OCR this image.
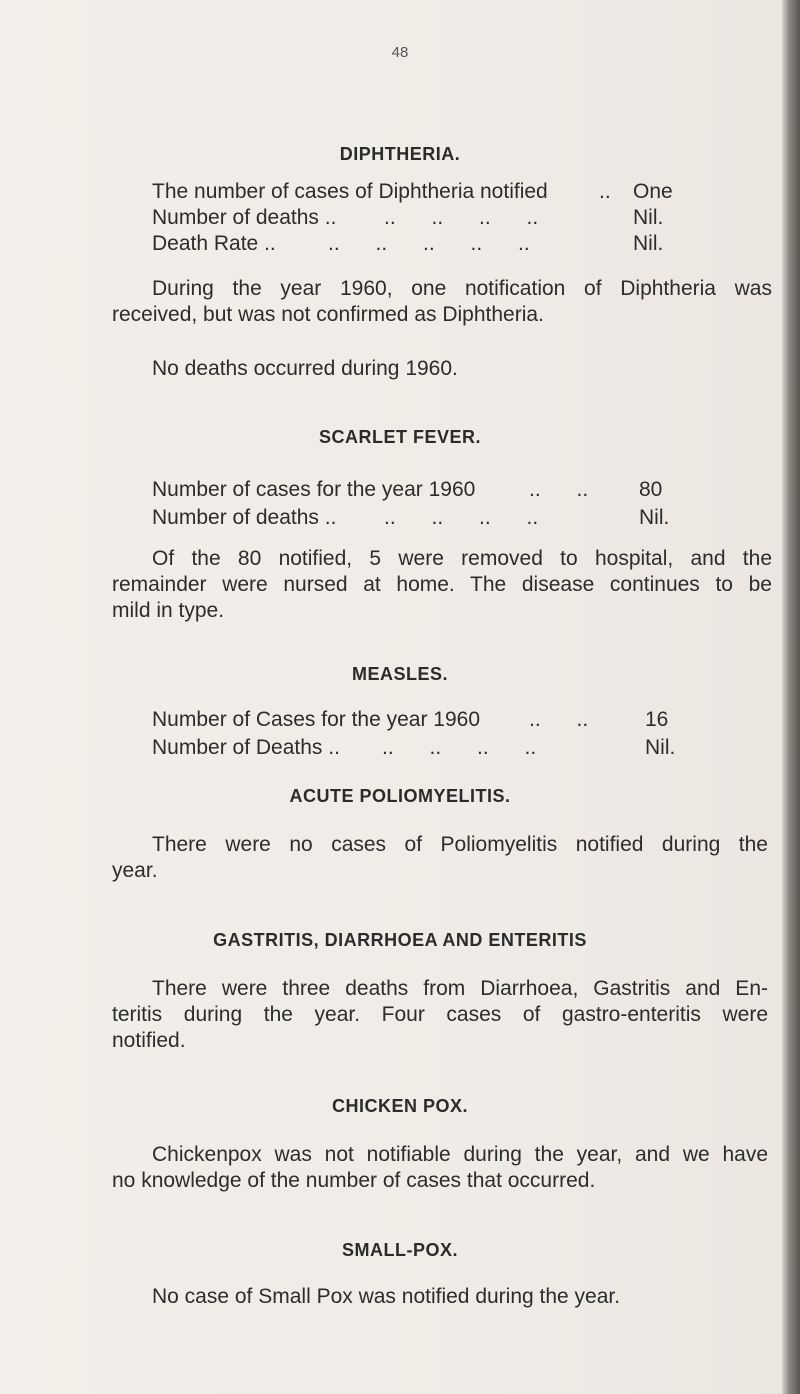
48
DIPHTHERIA.
The number of cases of Diphtheria notified .. One
Number of deaths .. .. .. .. ..	Nil.
Death Rate .. .. .. .. .. ..	Nil.
During the year 1960, one notification of Diphtheria was
received, but was not confirmed as Diphtheria.
No deaths occurred during 1960.
SCARLET FEVER.
Number of cases for the year 1960	.. .. 80
Number of deaths .. .. .. .. ..	Nil.
Of the 80 notified, 5 were removed to hospital, and the
remainder were nursed at home. The disease continues to be
mild in type.
MEASLES.
Number of Cases for the year 1960 .. ..	16
Number of Deaths .. .. .. .. ..	Nil.
ACUTE POLIOMYELITIS.
There were no cases of Poliomyelitis notified during the
year.
GASTRITIS, DIARRHOEA AND ENTERITIS
There were three deaths from Diarrhoea, Gastritis and En-
teritis during the year. Four cases of gastro-enteritis were
notified.
CHICKEN POX.
Chickenpox was not notifiable during the year, and we have
no knowledge of the number of cases that occurred.
SMALL-POX.
No case of Small Pox was notified during the year.
